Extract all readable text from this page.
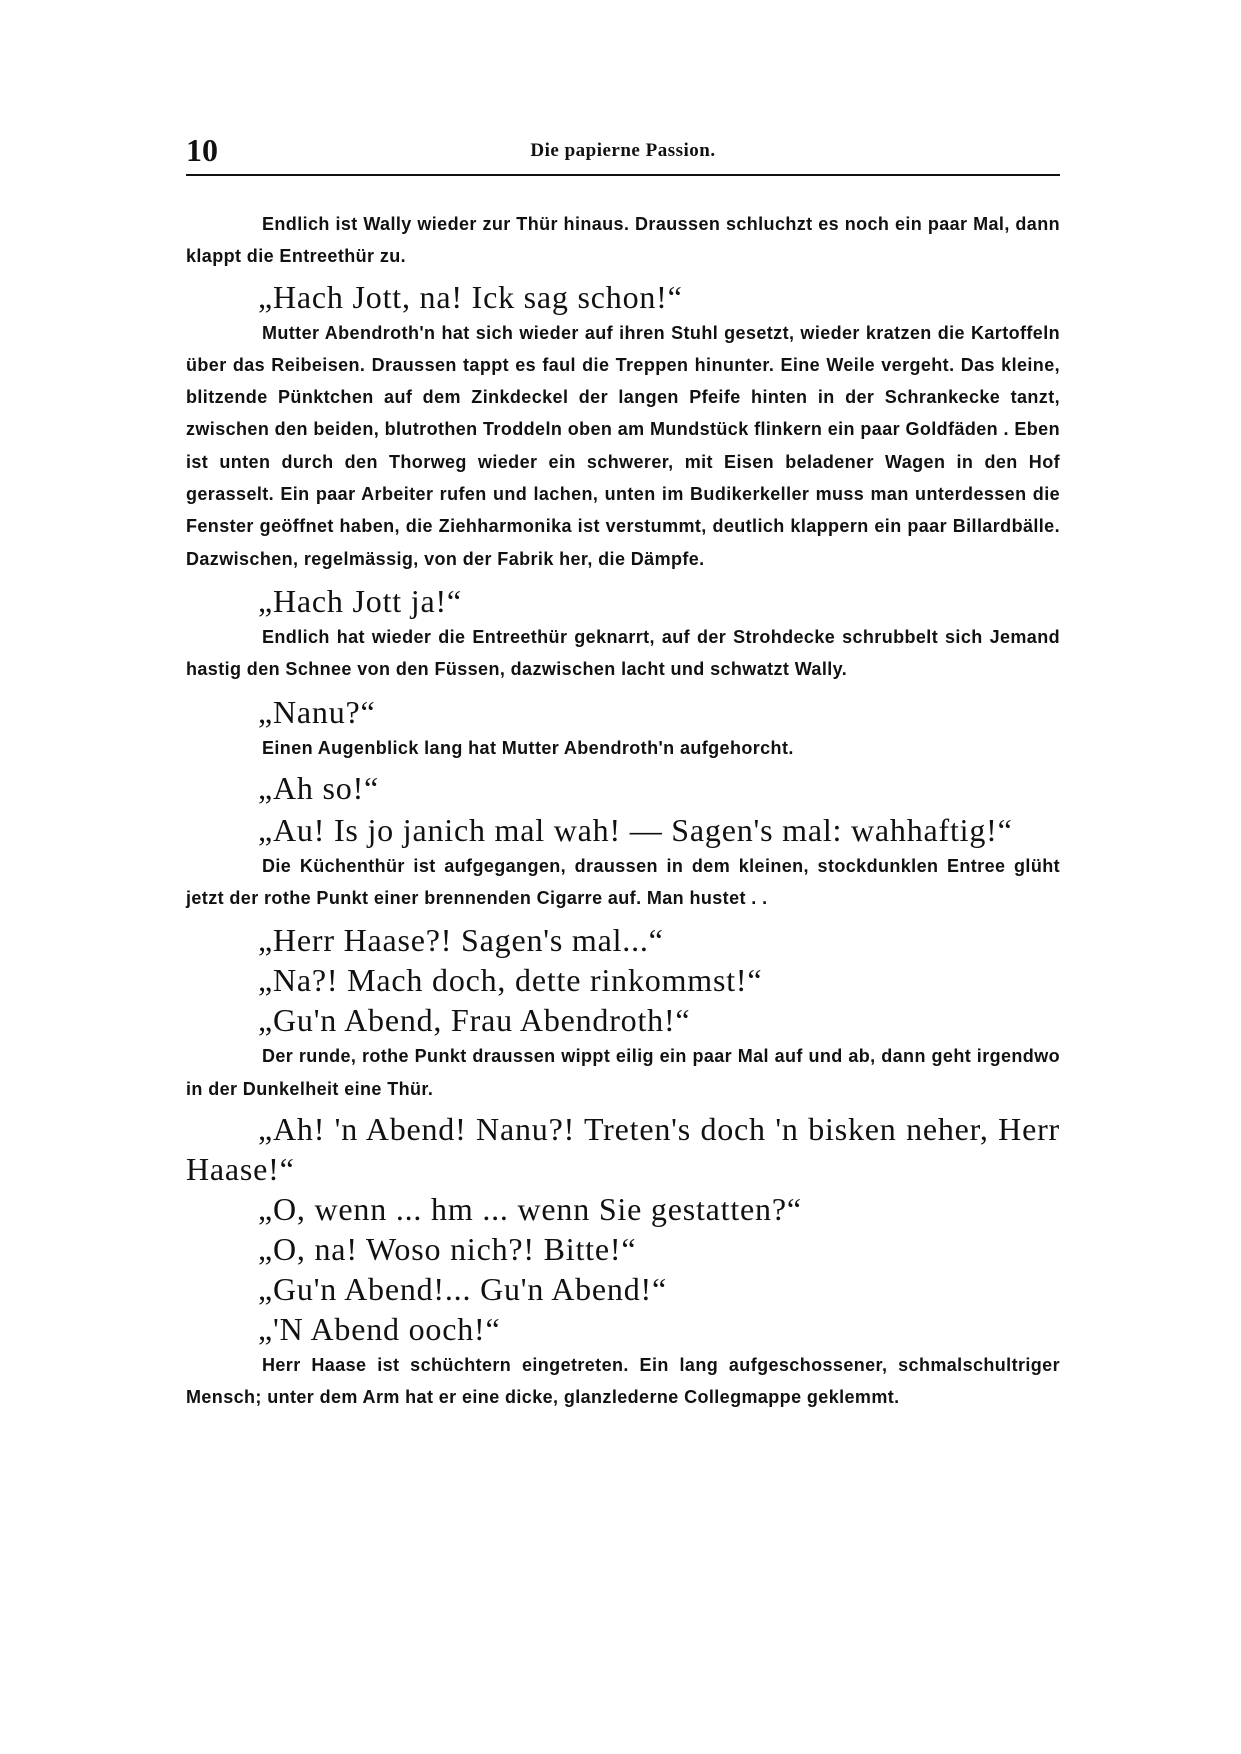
10	Die papierne Passion.

Endlich ist Wally wieder zur Thür hinaus. Draussen schluchzt es noch ein paar Mal, dann klappt die Entreethür zu.

„Hach Jott, na! Ick sag schon!“

Mutter Abendroth'n hat sich wieder auf ihren Stuhl gesetzt, wieder kratzen die Kartoffeln über das Reibeisen. Draussen tappt es faul die Treppen hinunter. Eine Weile vergeht. Das kleine, blitzende Pünktchen auf dem Zinkdeckel der langen Pfeife hinten in der Schrankecke tanzt, zwischen den beiden, blutrothen Troddeln oben am Mundstück flinkern ein paar Goldfäden . Eben ist unten durch den Thorweg wieder ein schwerer, mit Eisen beladener Wagen in den Hof gerasselt. Ein paar Arbeiter rufen und lachen, unten im Budikerkeller muss man unterdessen die Fenster geöffnet haben, die Ziehharmonika ist verstummt, deutlich klappern ein paar Billardbälle. Dazwischen, regelmässig, von der Fabrik her, die Dämpfe.

„Hach Jott ja!“

Endlich hat wieder die Entreethür geknarrt, auf der Strohdecke schrubbelt sich Jemand hastig den Schnee von den Füssen, dazwischen lacht und schwatzt Wally.

„Nanu?“

Einen Augenblick lang hat Mutter Abendroth'n aufgehorcht.

„Ah so!“

„Au! Is jo janich mal wah! — Sagen's mal: wahhaftig!“

Die Küchenthür ist aufgegangen, draussen in dem kleinen, stockdunklen Entree glüht jetzt der rothe Punkt einer brennenden Cigarre auf. Man hustet . .

„Herr Haase?! Sagen's mal...“

„Na?! Mach doch, dette rinkommst!“

„Gu'n Abend, Frau Abendroth!“

Der runde, rothe Punkt draussen wippt eilig ein paar Mal auf und ab, dann geht irgendwo in der Dunkelheit eine Thür.

„Ah! 'n Abend! Nanu?! Treten's doch 'n bisken neher, Herr Haase!“

„O, wenn ... hm ... wenn Sie gestatten?“

„O, na! Woso nich?! Bitte!“

„Gu'n Abend!... Gu'n Abend!“

„'N Abend ooch!“

Herr Haase ist schüchtern eingetreten. Ein lang aufgeschossener, schmalschultriger Mensch; unter dem Arm hat er eine dicke, glanzlederne Collegmappe geklemmt.
